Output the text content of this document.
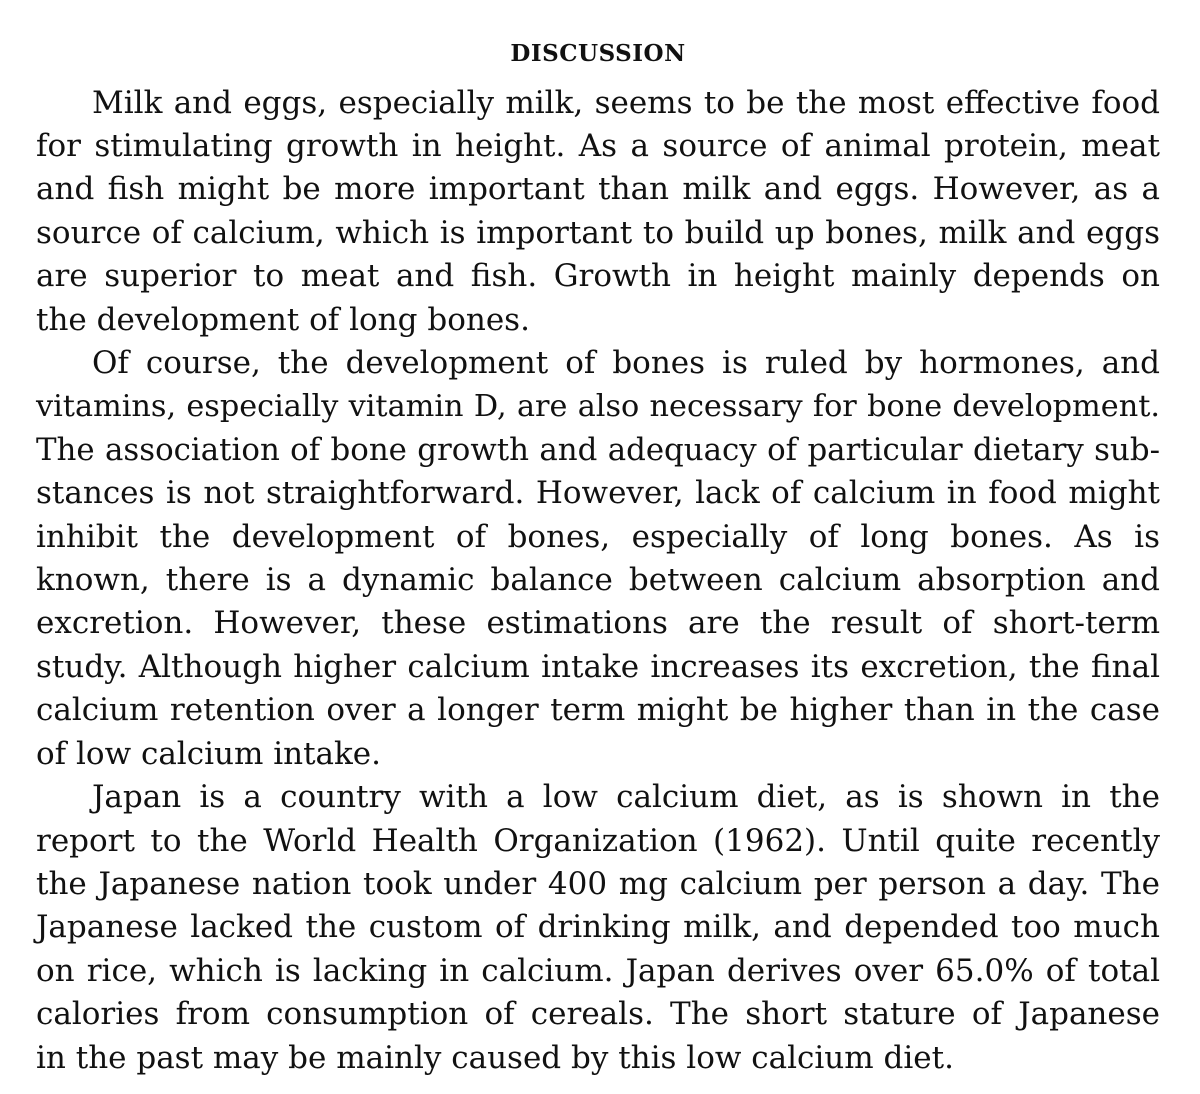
DISCUSSION
Milk and eggs, especially milk, seems to be the most effective food
for stimulating growth in height. As a source of animal protein, meat
and fish might be more important than milk and eggs. However, as a
source of calcium, which is important to build up bones, milk and eggs
are superior to meat and fish. Growth in height mainly depends on
the development of long bones.
Of course, the development of bones is ruled by hormones, and
vitamins, especially vitamin D, are also necessary for bone development.
The association of bone growth and adequacy of particular dietary sub-
stances is not straightforward. However, lack of calcium in food might
inhibit the development of bones, especially of long bones. As is
known, there is a dynamic balance between calcium absorption and
excretion. However, these estimations are the result of short-term
study. Although higher calcium intake increases its excretion, the final
calcium retention over a longer term might be higher than in the case
of low calcium intake.
Japan is a country with a low calcium diet, as is shown in the
report to the World Health Organization (1962). Until quite recently
the Japanese nation took under 400 mg calcium per person a day. The
Japanese lacked the custom of drinking milk, and depended too much
on rice, which is lacking in calcium. Japan derives over 65.0% of total
calories from consumption of cereals. The short stature of Japanese
in the past may be mainly caused by this low calcium diet.
